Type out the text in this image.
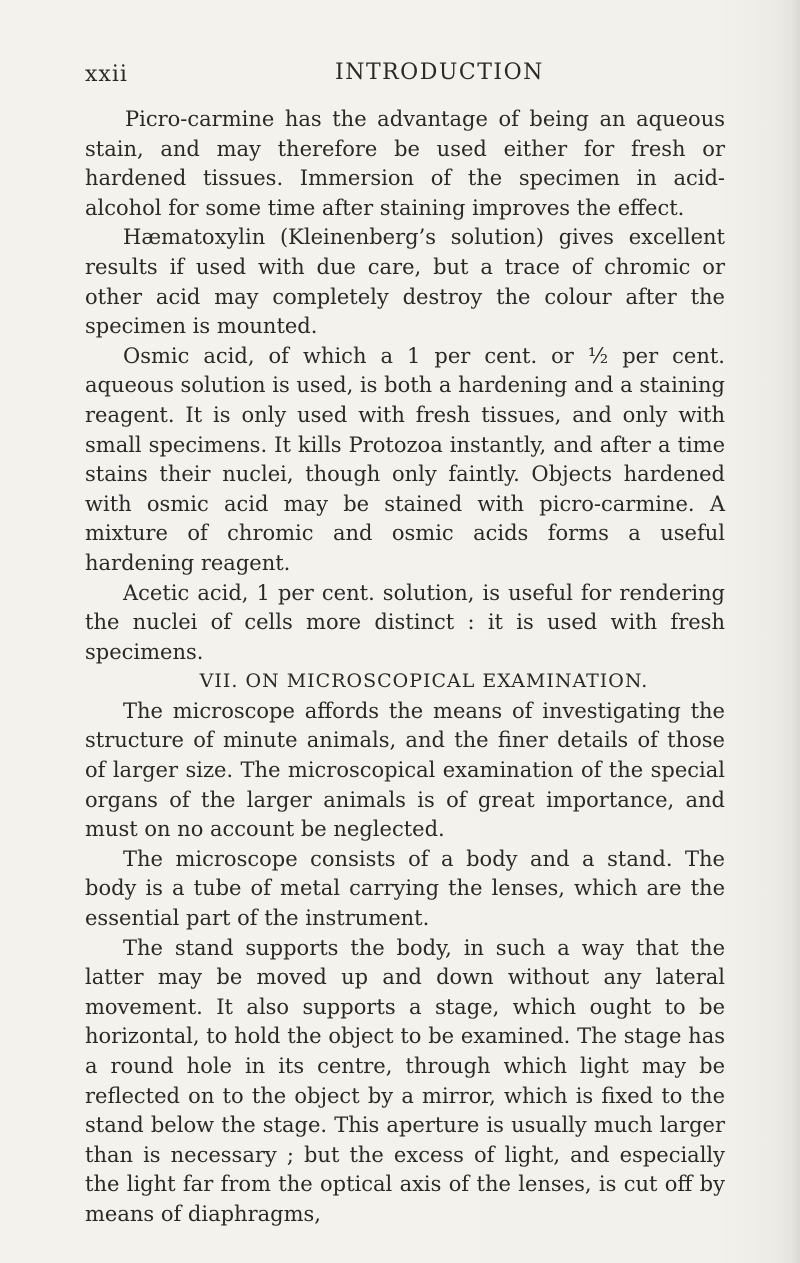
xxii	INTRODUCTION

Picro-carmine has the advantage of being an aqueous stain, and may therefore be used either for fresh or hardened tissues. Immersion of the specimen in acid-alcohol for some time after staining improves the effect.

Hæmatoxylin (Kleinenberg’s solution) gives excellent results if used with due care, but a trace of chromic or other acid may completely destroy the colour after the specimen is mounted.

Osmic acid, of which a 1 per cent. or ½ per cent. aqueous solution is used, is both a hardening and a staining reagent. It is only used with fresh tissues, and only with small specimens. It kills Protozoa instantly, and after a time stains their nuclei, though only faintly. Objects hardened with osmic acid may be stained with picro-carmine. A mixture of chromic and osmic acids forms a useful hardening reagent.

Acetic acid, 1 per cent. solution, is useful for rendering the nuclei of cells more distinct : it is used with fresh specimens.

VII. ON MICROSCOPICAL EXAMINATION.

The microscope affords the means of investigating the structure of minute animals, and the finer details of those of larger size. The microscopical examination of the special organs of the larger animals is of great importance, and must on no account be neglected.

The microscope consists of a body and a stand. The body is a tube of metal carrying the lenses, which are the essential part of the instrument.

The stand supports the body, in such a way that the latter may be moved up and down without any lateral movement. It also supports a stage, which ought to be horizontal, to hold the object to be examined. The stage has a round hole in its centre, through which light may be reflected on to the object by a mirror, which is fixed to the stand below the stage. This aperture is usually much larger than is necessary ; but the excess of light, and especially the light far from the optical axis of the lenses, is cut off by means of diaphragms,
